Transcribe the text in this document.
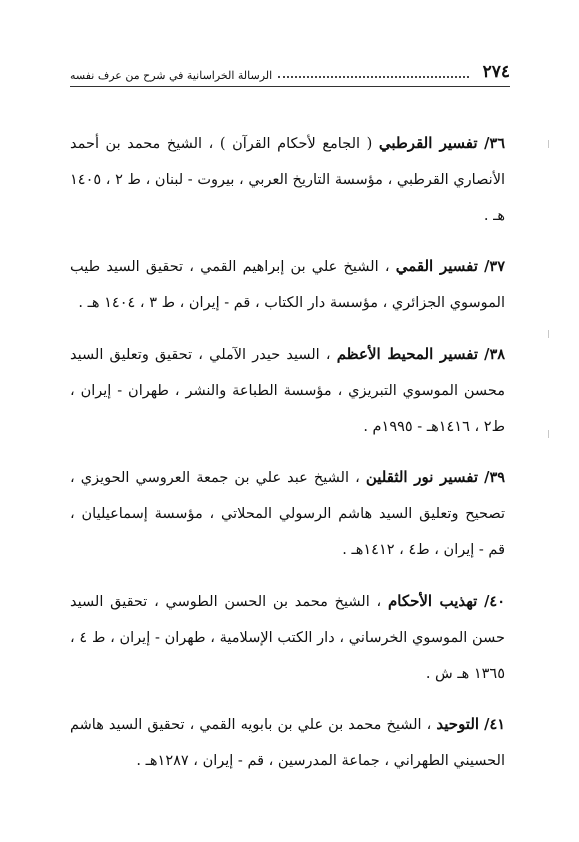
٢٧٤
الرسالة الخراسانية في شرح من عرف نفسه

٣٦/ تفسير القرطبي ( الجامع لأحكام القرآن ) ، الشيخ محمد بن أحمد الأنصاري القرطبي ، مؤسسة التاريخ العربي ، بيروت - لبنان ، ط ٢ ، ١٤٠٥ هـ .

٣٧/ تفسير القمي ، الشيخ علي بن إبراهيم القمي ، تحقيق السيد طيب الموسوي الجزائري ، مؤسسة دار الكتاب ، قم - إيران ، ط ٣ ، ١٤٠٤ هـ .

٣٨/ تفسير المحيط الأعظم ، السيد حيدر الآملي ، تحقيق وتعليق السيد محسن الموسوي التبريزي ، مؤسسة الطباعة والنشر ، طهران - إيران ، ط٢ ، ١٤١٦هـ - ١٩٩٥م .

٣٩/ تفسير نور الثقلين ، الشيخ عبد علي بن جمعة العروسي الحويزي ، تصحيح وتعليق السيد هاشم الرسولي المحلاتي ، مؤسسة إسماعيليان ، قم - إيران ، ط٤ ، ١٤١٢هـ .

٤٠/ تهذيب الأحكام ، الشيخ محمد بن الحسن الطوسي ، تحقيق السيد حسن الموسوي الخرساني ، دار الكتب الإسلامية ، طهران - إيران ، ط ٤ ، ١٣٦٥ هـ ش .

٤١/ التوحيد ، الشيخ محمد بن علي بن بابويه القمي ، تحقيق السيد هاشم الحسيني الطهراني ، جماعة المدرسين ، قم - إيران ، ١٢٨٧هـ .
